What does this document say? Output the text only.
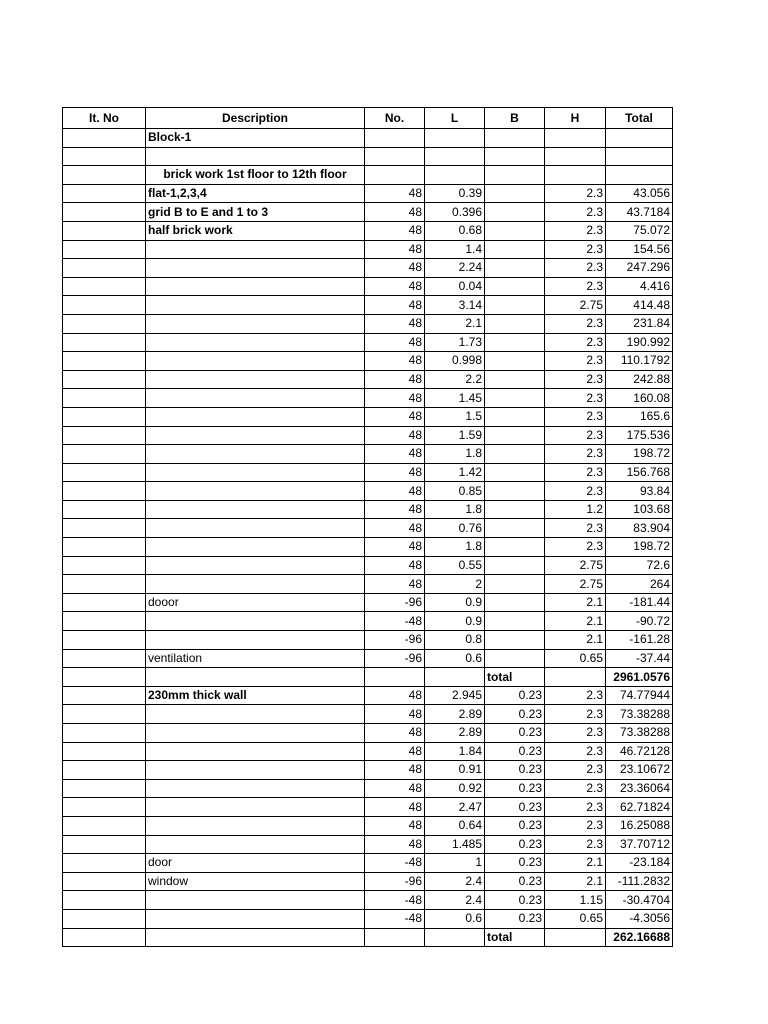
It. No	Description	No.	L	B	H	Total
	Block-1					

	brick work 1st floor to 12th floor					
	flat-1,2,3,4	48	0.39		2.3	43.056
	grid B to E and 1 to 3	48	0.396		2.3	43.7184
	half brick work	48	0.68		2.3	75.072
		48	1.4		2.3	154.56
		48	2.24		2.3	247.296
		48	0.04		2.3	4.416
		48	3.14		2.75	414.48
		48	2.1		2.3	231.84
		48	1.73		2.3	190.992
		48	0.998		2.3	110.1792
		48	2.2		2.3	242.88
		48	1.45		2.3	160.08
		48	1.5		2.3	165.6
		48	1.59		2.3	175.536
		48	1.8		2.3	198.72
		48	1.42		2.3	156.768
		48	0.85		2.3	93.84
		48	1.8		1.2	103.68
		48	0.76		2.3	83.904
		48	1.8		2.3	198.72
		48	0.55		2.75	72.6
		48	2		2.75	264
	dooor	-96	0.9		2.1	-181.44
		-48	0.9		2.1	-90.72
		-96	0.8		2.1	-161.28
	ventilation	-96	0.6		0.65	-37.44
				total		2961.0576
	230mm thick wall	48	2.945	0.23	2.3	74.77944
		48	2.89	0.23	2.3	73.38288
		48	2.89	0.23	2.3	73.38288
		48	1.84	0.23	2.3	46.72128
		48	0.91	0.23	2.3	23.10672
		48	0.92	0.23	2.3	23.36064
		48	2.47	0.23	2.3	62.71824
		48	0.64	0.23	2.3	16.25088
		48	1.485	0.23	2.3	37.70712
	door	-48	1	0.23	2.1	-23.184
	window	-96	2.4	0.23	2.1	-111.2832
		-48	2.4	0.23	1.15	-30.4704
		-48	0.6	0.23	0.65	-4.3056
				total		262.16688
